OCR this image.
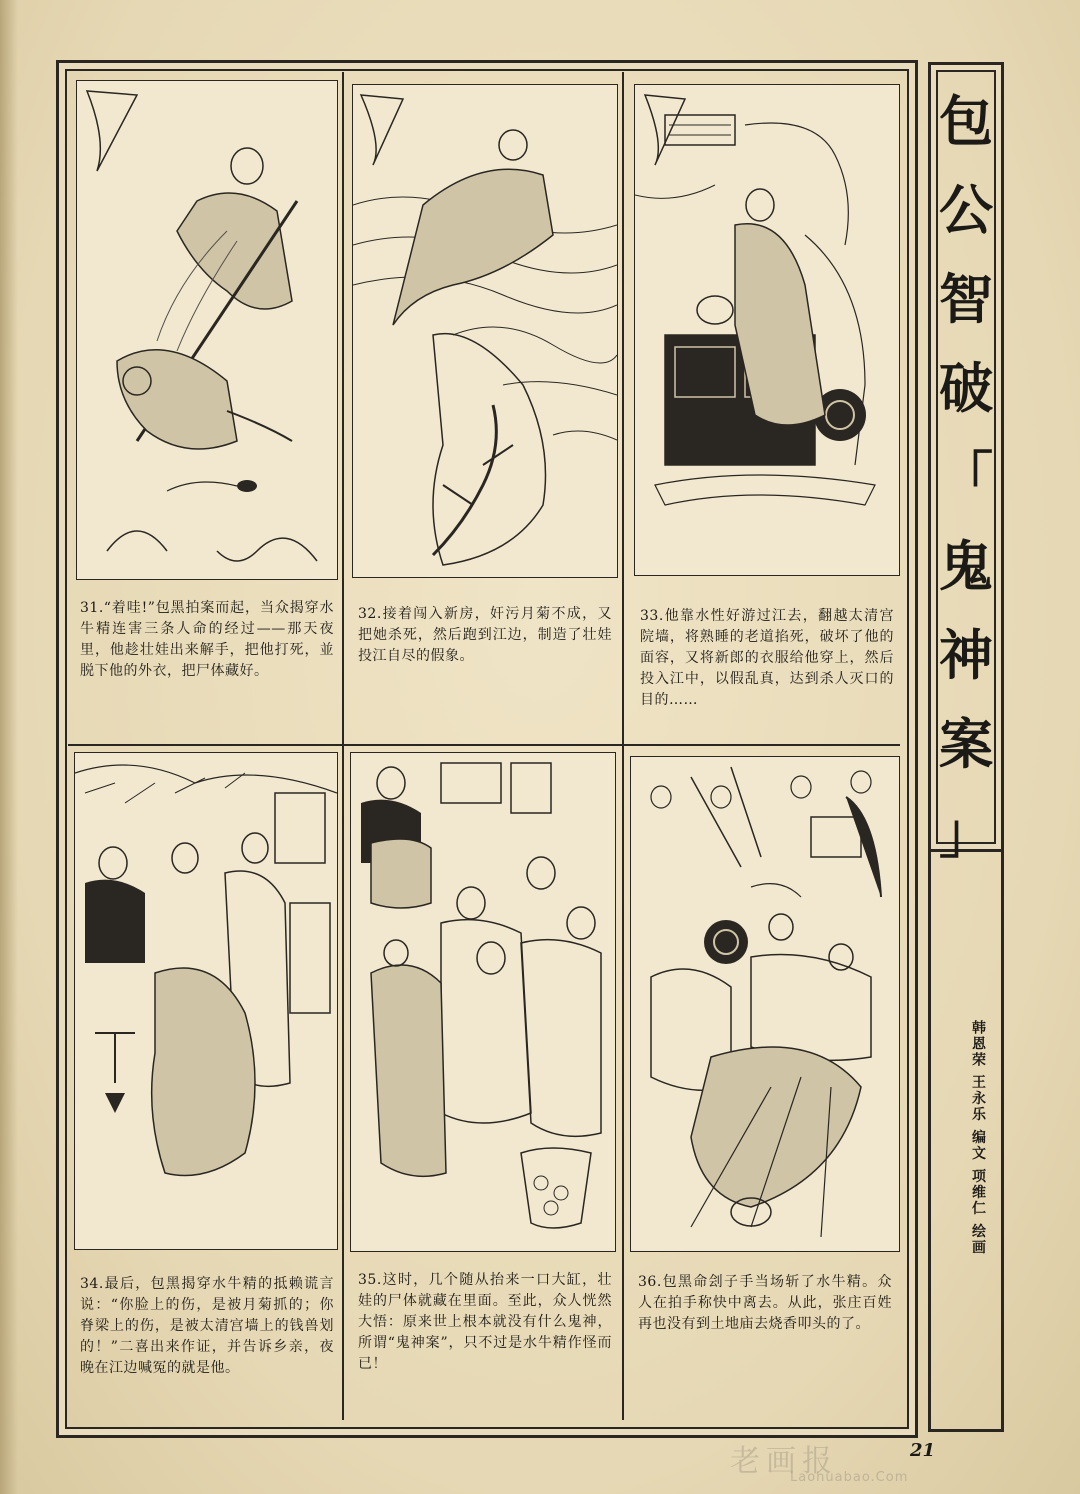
31.“着哇!”包黑拍案而起，当众揭穿水牛精连害三条人命的经过——那天夜里，他趁壮娃出来解手，把他打死，並脱下他的外衣，把尸体藏好。
32.接着闯入新房，奸污月菊不成，又把她杀死，然后跑到江边，制造了壮娃投江自尽的假象。
33.他靠水性好游过江去，翻越太清宫院墙，将熟睡的老道掐死，破坏了他的面容，又将新郎的衣服给他穿上，然后投入江中，以假乱真，达到杀人灭口的目的……
34.最后，包黑揭穿水牛精的抵赖谎言说：“你脸上的伤，是被月菊抓的；你脊梁上的伤，是被太清宫墙上的钱兽划的！”二喜出来作证，并告诉乡亲，夜晚在江边喊冤的就是他。
35.这时，几个随从抬来一口大缸，壮娃的尸体就藏在里面。至此，众人恍然大悟：原来世上根本就没有什么鬼神，所谓“鬼神案”，只不过是水牛精作怪而已！
36.包黑命刽子手当场斩了水牛精。众人在拍手称快中离去。从此，张庄百姓再也没有到土地庙去烧香叩头的了。
包
公
智
破
「
鬼
神
案
」
韩恩荣 王永乐 编文 项维仁 绘画
老画报
Laohuabao.Com
21
